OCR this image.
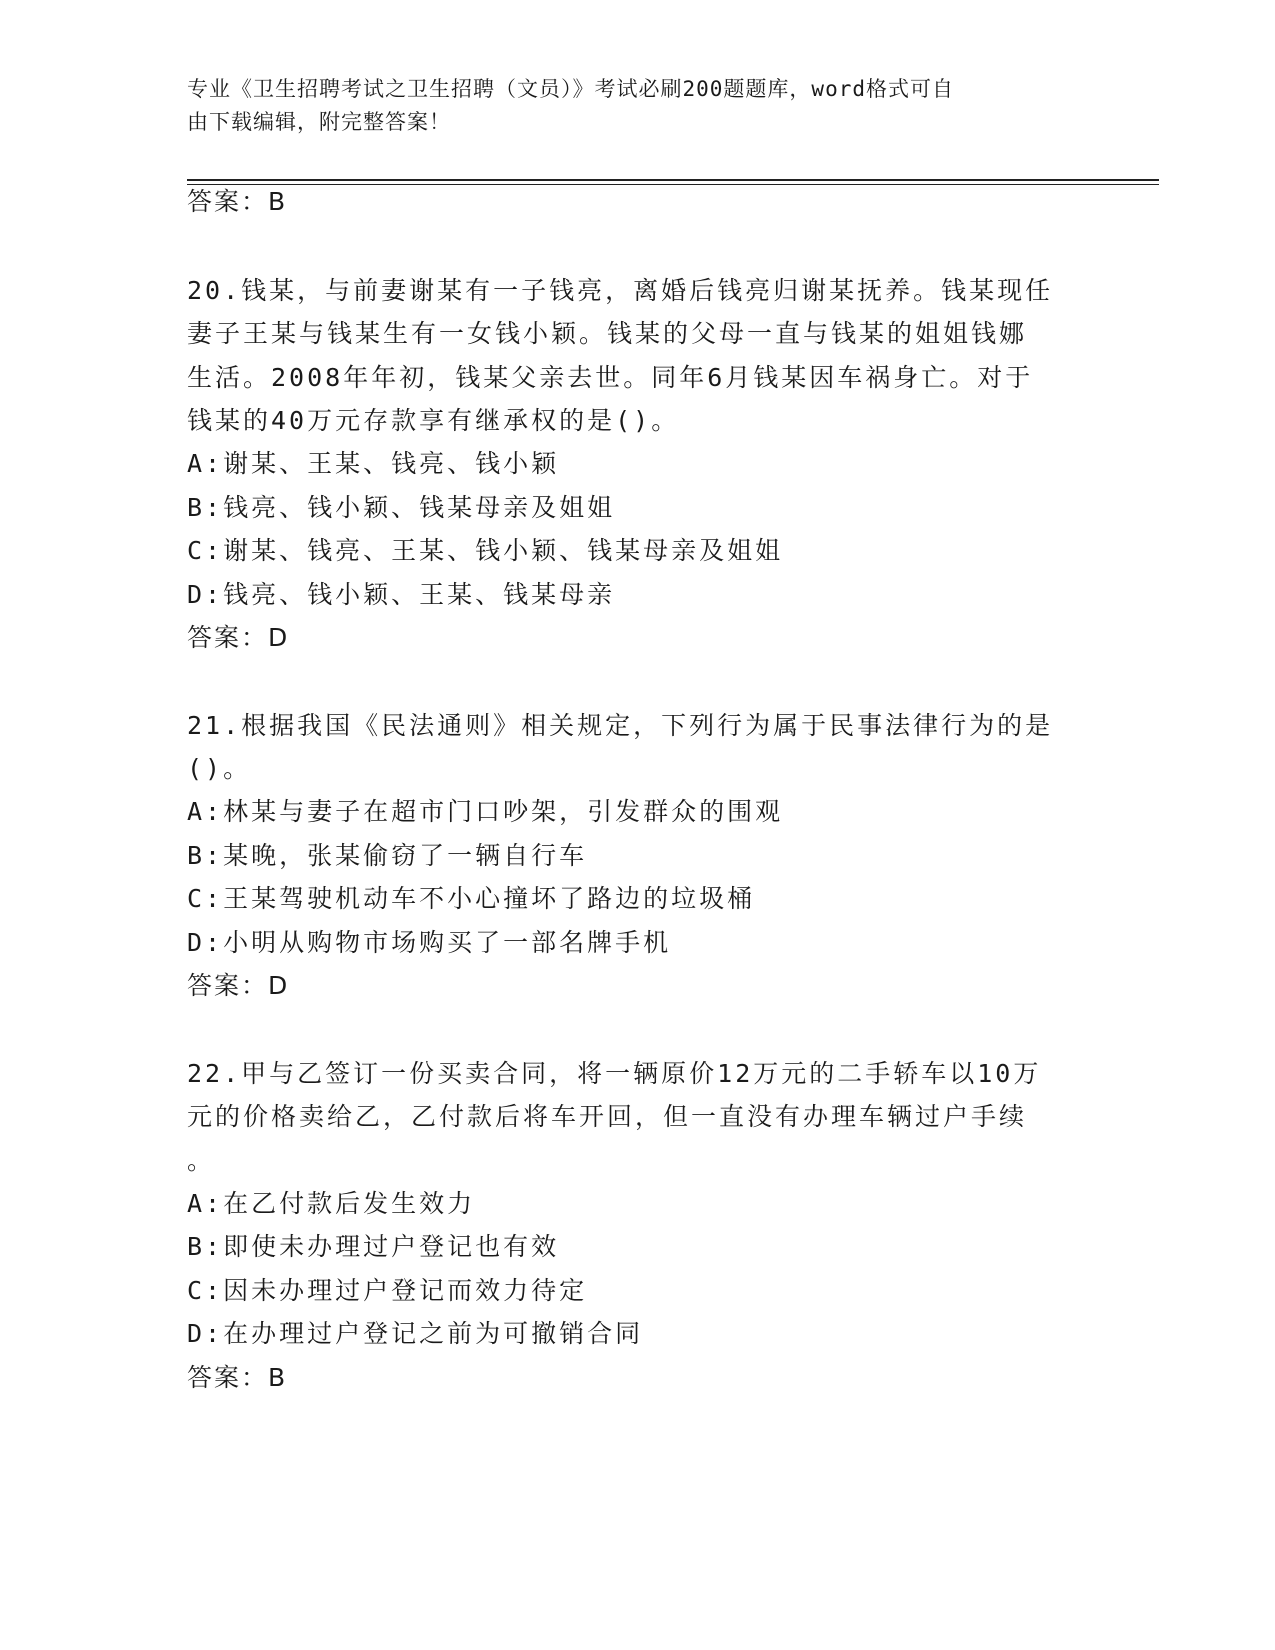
专业《卫生招聘考试之卫生招聘（文员）》考试必刷200题题库，word格式可自
由下载编辑，附完整答案！
答案：B
20.钱某，与前妻谢某有一子钱亮，离婚后钱亮归谢某抚养。钱某现任
妻子王某与钱某生有一女钱小颖。钱某的父母一直与钱某的姐姐钱娜
生活。2008年年初，钱某父亲去世。同年6月钱某因车祸身亡。对于
钱某的40万元存款享有继承权的是()。
A:谢某、王某、钱亮、钱小颖
B:钱亮、钱小颖、钱某母亲及姐姐
C:谢某、钱亮、王某、钱小颖、钱某母亲及姐姐
D:钱亮、钱小颖、王某、钱某母亲
答案：D
21.根据我国《民法通则》相关规定，下列行为属于民事法律行为的是
()。
A:林某与妻子在超市门口吵架，引发群众的围观
B:某晚，张某偷窃了一辆自行车
C:王某驾驶机动车不小心撞坏了路边的垃圾桶
D:小明从购物市场购买了一部名牌手机
答案：D
22.甲与乙签订一份买卖合同，将一辆原价12万元的二手轿车以10万
元的价格卖给乙，乙付款后将车开回，但一直没有办理车辆过户手续
。
A:在乙付款后发生效力
B:即使未办理过户登记也有效
C:因未办理过户登记而效力待定
D:在办理过户登记之前为可撤销合同
答案：B
